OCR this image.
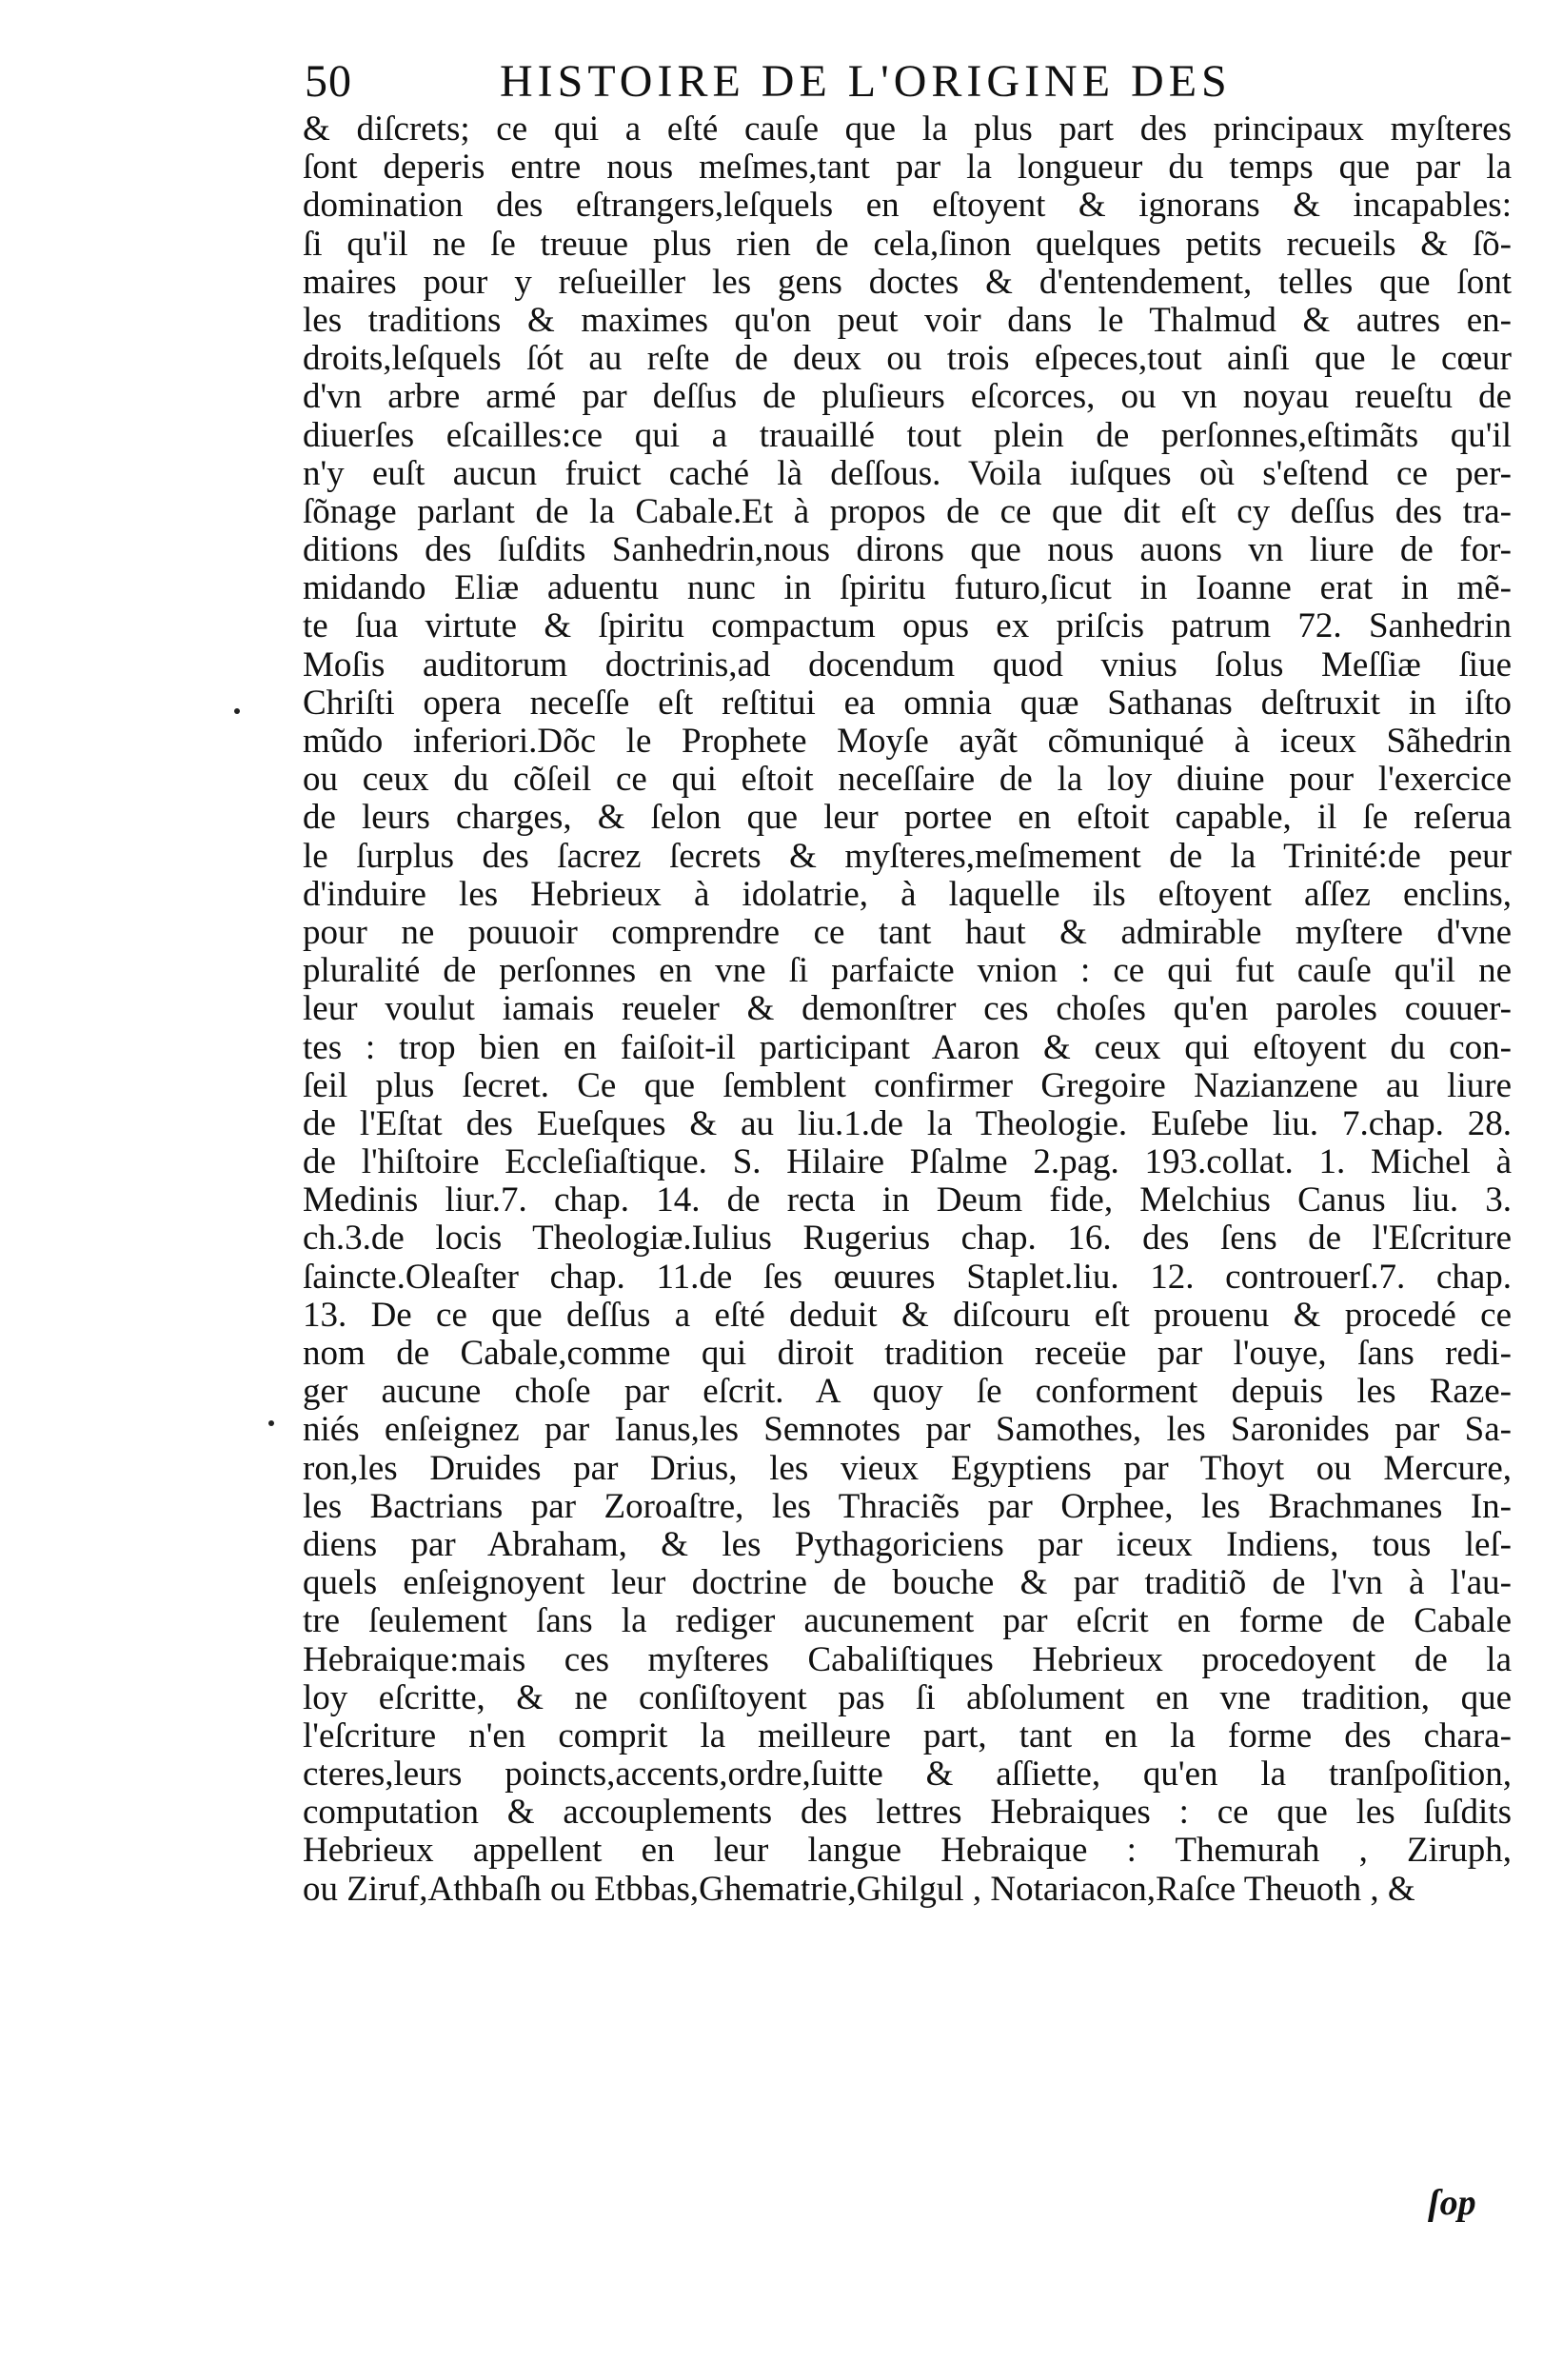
50	HISTOIRE DE L'ORIGINE DES
& diſcrets; ce qui a eſté cauſe que la plus part des principaux myſteres
ſont deperis entre nous meſmes,tant par la longueur du temps que par la
domination des eſtrangers,leſquels en eſtoyent & ignorans & incapables:
ſi qu'il ne ſe treuue plus rien de cela,ſinon quelques petits recueils & ſõ-
maires pour y reſueiller les gens doctes & d'entendement, telles que ſont
les traditions & maximes qu'on peut voir dans le Thalmud & autres en-
droits,leſquels ſót au reſte de deux ou trois eſpeces,tout ainſi que le cœur
d'vn arbre armé par deſſus de pluſieurs eſcorces, ou vn noyau reueſtu de
diuerſes eſcailles:ce qui a trauaillé tout plein de perſonnes,eſtimãts qu'il
n'y euſt aucun fruict caché là deſſous. Voila iuſques où s'eſtend ce per-
ſõnage parlant de la Cabale.Et à propos de ce que dit eſt cy deſſus des tra-
ditions des ſuſdits Sanhedrin,nous dirons que nous auons vn liure de for-
midando Eliæ aduentu nunc in ſpiritu futuro,ſicut in Ioanne erat in mẽ-
te ſua virtute & ſpiritu compactum opus ex priſcis patrum 72. Sanhedrin
Moſis auditorum doctrinis,ad docendum quod vnius ſolus Meſſiæ ſiue
Chriſti opera neceſſe eſt reſtitui ea omnia quæ Sathanas deſtruxit in iſto
mũdo inferiori.Dõc le Prophete Moyſe ayãt cõmuniqué à iceux Sãhedrin
ou ceux du cõſeil ce qui eſtoit neceſſaire de la loy diuine pour l'exercice
de leurs charges, & ſelon que leur portee en eſtoit capable, il ſe reſerua
le ſurplus des ſacrez ſecrets & myſteres,meſmement de la Trinité:de peur
d'induire les Hebrieux à idolatrie, à laquelle ils eſtoyent aſſez enclins,
pour ne pouuoir comprendre ce tant haut & admirable myſtere d'vne
pluralité de perſonnes en vne ſi parfaicte vnion : ce qui fut cauſe qu'il ne
leur voulut iamais reueler & demonſtrer ces choſes qu'en paroles couuer-
tes : trop bien en faiſoit-il participant Aaron & ceux qui eſtoyent du con-
ſeil plus ſecret. Ce que ſemblent confirmer Gregoire Nazianzene au liure
de l'Eſtat des Eueſques & au liu.1.de la Theologie. Euſebe liu. 7.chap. 28.
de l'hiſtoire Eccleſiaſtique. S. Hilaire Pſalme 2.pag. 193.collat. 1. Michel à
Medinis liur.7. chap. 14. de recta in Deum fide, Melchius Canus liu. 3.
ch.3.de locis Theologiæ.Iulius Rugerius chap. 16. des ſens de l'Eſcriture
ſaincte.Oleaſter chap. 11.de ſes œuures Staplet.liu. 12. controuerſ.7. chap.
13. De ce que deſſus a eſté deduit & diſcouru eſt prouenu & procedé ce
nom de Cabale,comme qui diroit tradition receüe par l'ouye, ſans redi-
ger aucune choſe par eſcrit. A quoy ſe conforment depuis les Raze-
niés enſeignez par Ianus,les Semnotes par Samothes, les Saronides par Sa-
ron,les Druides par Drius, les vieux Egyptiens par Thoyt ou Mercure,
les Bactrians par Zoroaſtre, les Thraciẽs par Orphee, les Brachmanes In-
diens par Abraham, & les Pythagoriciens par iceux Indiens, tous leſ-
quels enſeignoyent leur doctrine de bouche & par traditiõ de l'vn à l'au-
tre ſeulement ſans la rediger aucunement par eſcrit en forme de Cabale
Hebraique:mais ces myſteres Cabaliſtiques Hebrieux procedoyent de la
loy eſcritte, & ne conſiſtoyent pas ſi abſolument en vne tradition, que
l'eſcriture n'en comprit la meilleure part, tant en la forme des chara-
cteres,leurs poincts,accents,ordre,ſuitte & aſſiette, qu'en la tranſpoſition,
computation & accouplements des lettres Hebraiques : ce que les ſuſdits
Hebrieux appellent en leur langue Hebraique : Themurah , Ziruph,
ou Ziruf,Athbaſh ou Etbbas,Ghematrie,Ghilgul , Notariacon,Raſce Theuoth , &
ſop
